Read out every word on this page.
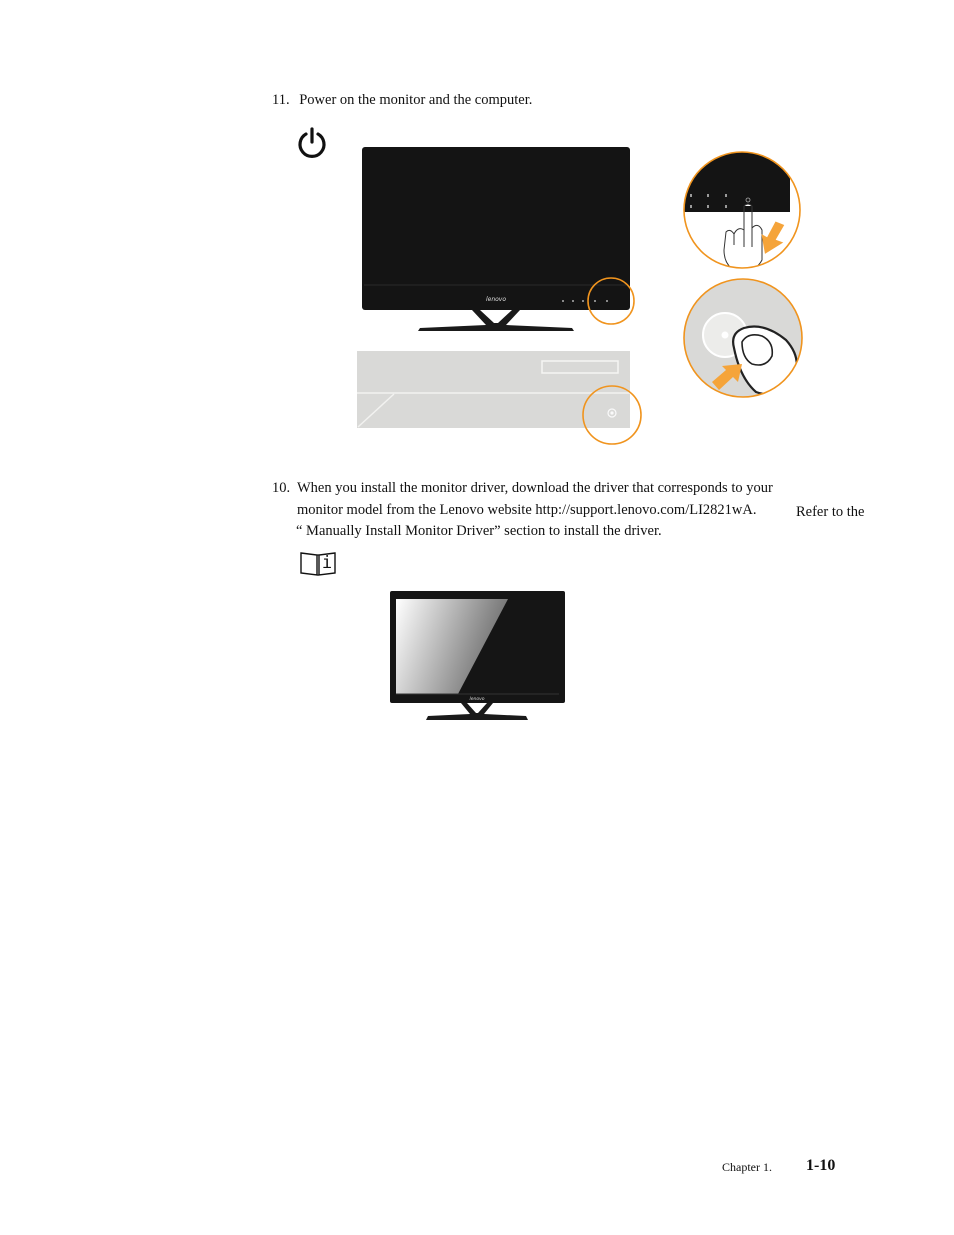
11. Power on the monitor and the computer.
lenovo
10. When you install the monitor driver, download the driver that corresponds to your
monitor model from the Lenovo website http://support.lenovo.com/LI2821wA.	Refer to the
“ Manually Install Monitor Driver” section to install the driver.
i
lenovo
Chapter 1. 1-10
